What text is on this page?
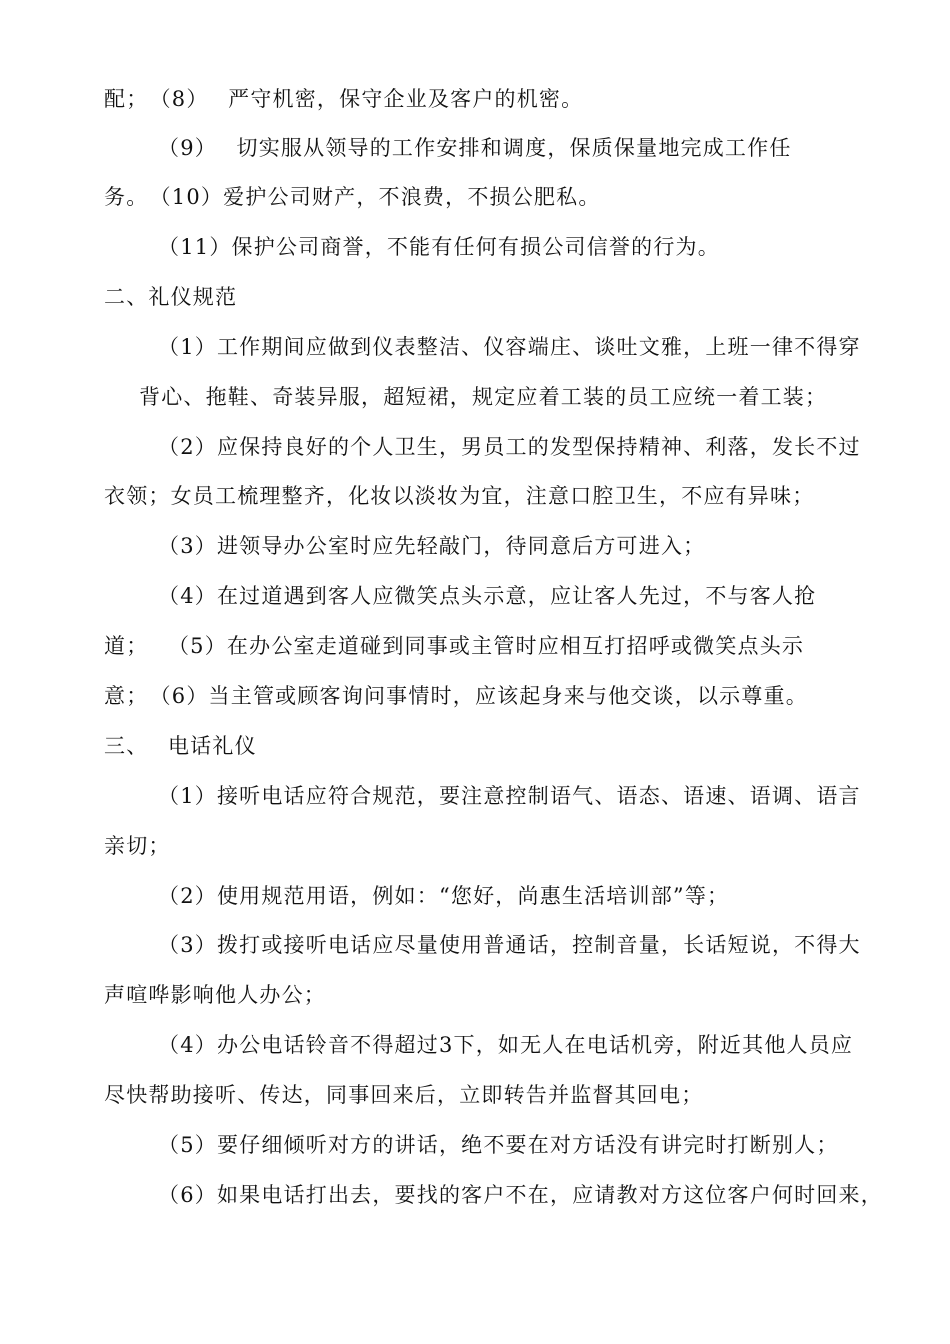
配；　（8）　 严守机密，保守企业及客户的机密。
（9）　 切实服从领导的工作安排和调度，保质保量地完成工作任
务。　（10）爱护公司财产，不浪费，不损公肥私。
（11）保护公司商誉，不能有任何有损公司信誉的行为。
二、礼仪规范
（1）工作期间应做到仪表整洁、仪容端庄、谈吐文雅，上班一律不得穿
背心、拖鞋、奇装异服，超短裙，规定应着工装的员工应统一着工装；
（2）应保持良好的个人卫生，男员工的发型保持精神、利落，发长不过
衣领；女员工梳理整齐，化妆以淡妆为宜，注意口腔卫生，不应有异味；
（3）进领导办公室时应先轻敲门，待同意后方可进入；
（4）在过道遇到客人应微笑点头示意，应让客人先过，不与客人抢
道；　 （5）在办公室走道碰到同事或主管时应相互打招呼或微笑点头示
意；　（6）当主管或顾客询问事情时，应该起身来与他交谈，以示尊重。
三、　 电话礼仪
（1）接听电话应符合规范，要注意控制语气、语态、语速、语调、语言
亲切；
（2）使用规范用语，例如：“您好，尚惠生活培训部”等；
（3）拨打或接听电话应尽量使用普通话，控制音量，长话短说，不得大
声喧哗影响他人办公；
（4）办公电话铃音不得超过3下，如无人在电话机旁，附近其他人员应
尽快帮助接听、传达，同事回来后，立即转告并监督其回电；
（5）要仔细倾听对方的讲话，绝不要在对方话没有讲完时打断别人；
（6）如果电话打出去，要找的客户不在，应请教对方这位客户何时回来，
